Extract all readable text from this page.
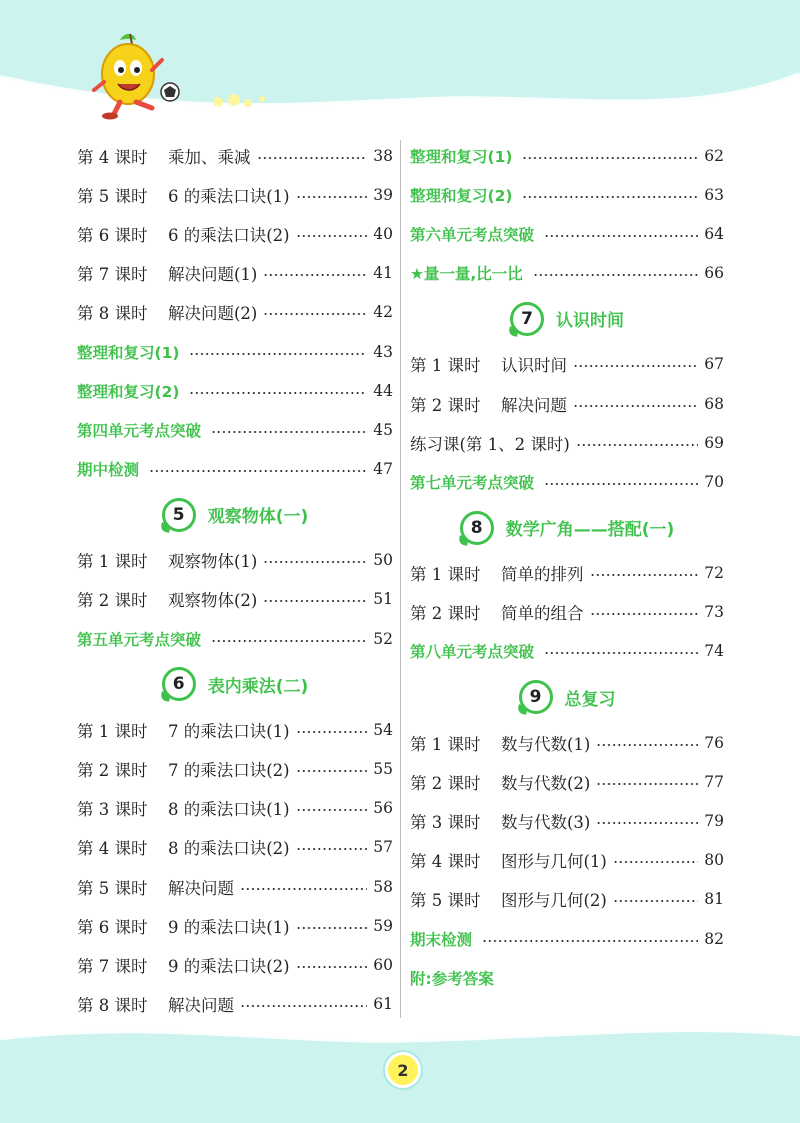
第 4 课时 乘加、乘减	38
第 5 课时 6 的乘法口诀(1)	39
第 6 课时 6 的乘法口诀(2)	40
第 7 课时 解决问题(1)	41
第 8 课时 解决问题(2)	42
整理和复习(1)	43
整理和复习(2)	44
第四单元考点突破	45
期中检测	47
5	观察物体(一)
第 1 课时 观察物体(1)	50
第 2 课时 观察物体(2)	51
第五单元考点突破	52
6	表内乘法(二)
第 1 课时 7 的乘法口诀(1)	54
第 2 课时 7 的乘法口诀(2)	55
第 3 课时 8 的乘法口诀(1)	56
第 4 课时 8 的乘法口诀(2)	57
第 5 课时 解决问题	58
第 6 课时 9 的乘法口诀(1)	59
第 7 课时 9 的乘法口诀(2)	60
第 8 课时 解决问题	61
整理和复习(1)	62
整理和复习(2)	63
第六单元考点突破	64
★量一量,比一比	66
7	认识时间
第 1 课时 认识时间	67
第 2 课时 解决问题	68
练习课(第 1、2 课时)	69
第七单元考点突破	70
8	数学广角——搭配(一)
第 1 课时 简单的排列	72
第 2 课时 简单的组合	73
第八单元考点突破	74
9	总复习
第 1 课时 数与代数(1)	76
第 2 课时 数与代数(2)	77
第 3 课时 数与代数(3)	79
第 4 课时 图形与几何(1)	80
第 5 课时 图形与几何(2)	81
期末检测	82
附:参考答案
2
